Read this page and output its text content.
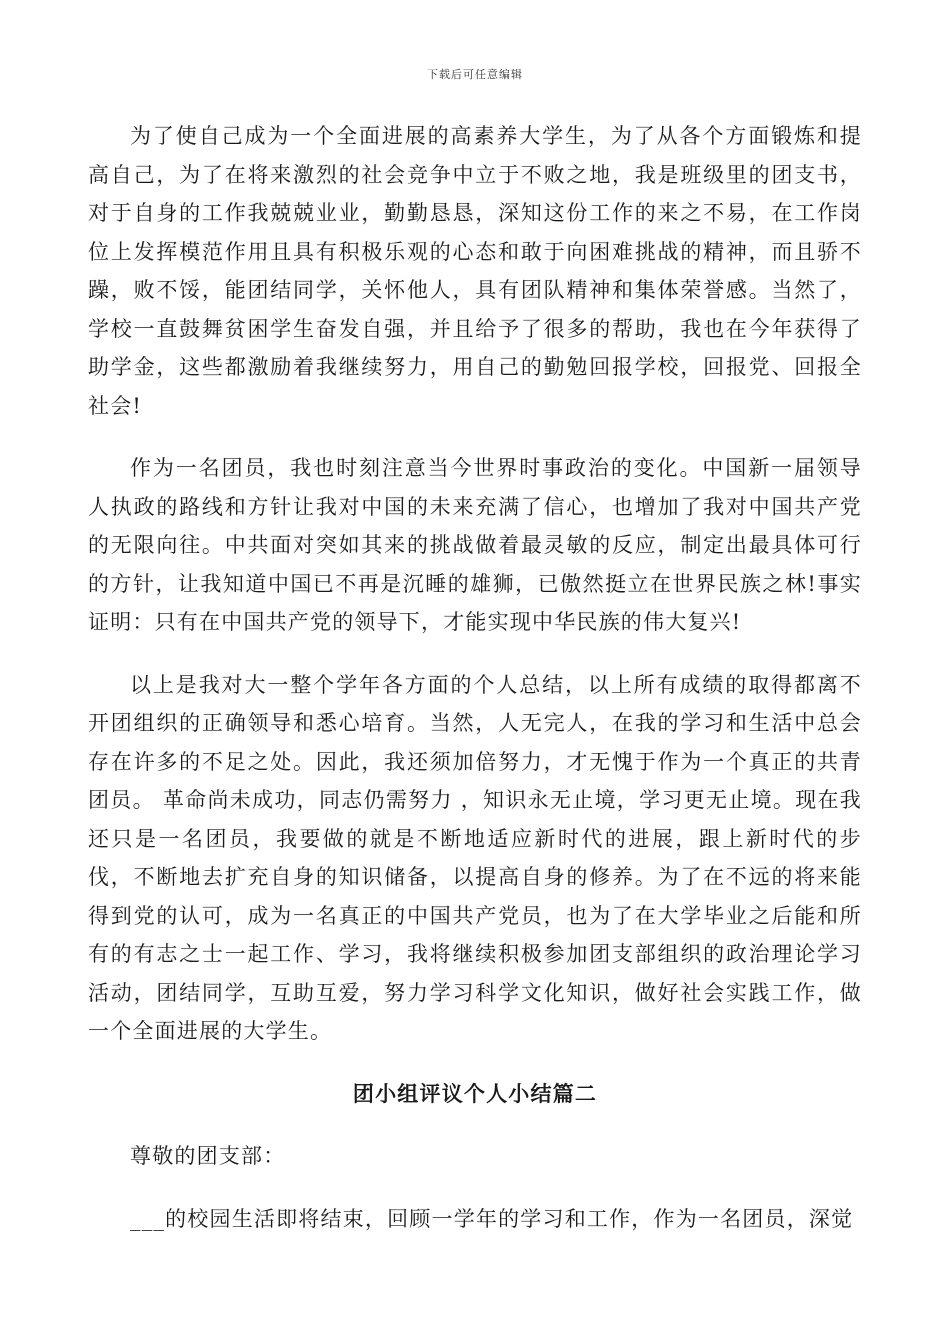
下载后可任意编辑

为了使自己成为一个全面进展的高素养大学生，为了从各个方面锻炼和提高自己，为了在将来激烈的社会竞争中立于不败之地，我是班级里的团支书，对于自身的工作我兢兢业业，勤勤恳恳，深知这份工作的来之不易，在工作岗位上发挥模范作用且具有积极乐观的心态和敢于向困难挑战的精神，而且骄不躁，败不馁，能团结同学，关怀他人，具有团队精神和集体荣誉感。当然了，学校一直鼓舞贫困学生奋发自强，并且给予了很多的帮助，我也在今年获得了助学金，这些都激励着我继续努力，用自己的勤勉回报学校，回报党、回报全社会!

作为一名团员，我也时刻注意当今世界时事政治的变化。中国新一届领导人执政的路线和方针让我对中国的未来充满了信心，也增加了我对中国共产党的无限向往。中共面对突如其来的挑战做着最灵敏的反应，制定出最具体可行的方针，让我知道中国已不再是沉睡的雄狮，已傲然挺立在世界民族之林!事实证明：只有在中国共产党的领导下，才能实现中华民族的伟大复兴!

以上是我对大一整个学年各方面的个人总结，以上所有成绩的取得都离不开团组织的正确领导和悉心培育。当然，人无完人，在我的学习和生活中总会存在许多的不足之处。因此，我还须加倍努力，才无愧于作为一个真正的共青团员。 革命尚未成功，同志仍需努力 ，知识永无止境，学习更无止境。现在我还只是一名团员，我要做的就是不断地适应新时代的进展，跟上新时代的步伐，不断地去扩充自身的知识储备，以提高自身的修养。为了在不远的将来能得到党的认可，成为一名真正的中国共产党员，也为了在大学毕业之后能和所有的有志之士一起工作、学习，我将继续积极参加团支部组织的政治理论学习活动，团结同学，互助互爱，努力学习科学文化知识，做好社会实践工作，做一个全面进展的大学生。

团小组评议个人小结篇二

尊敬的团支部：

___的校园生活即将结束，回顾一学年的学习和工作，作为一名团员，深觉
